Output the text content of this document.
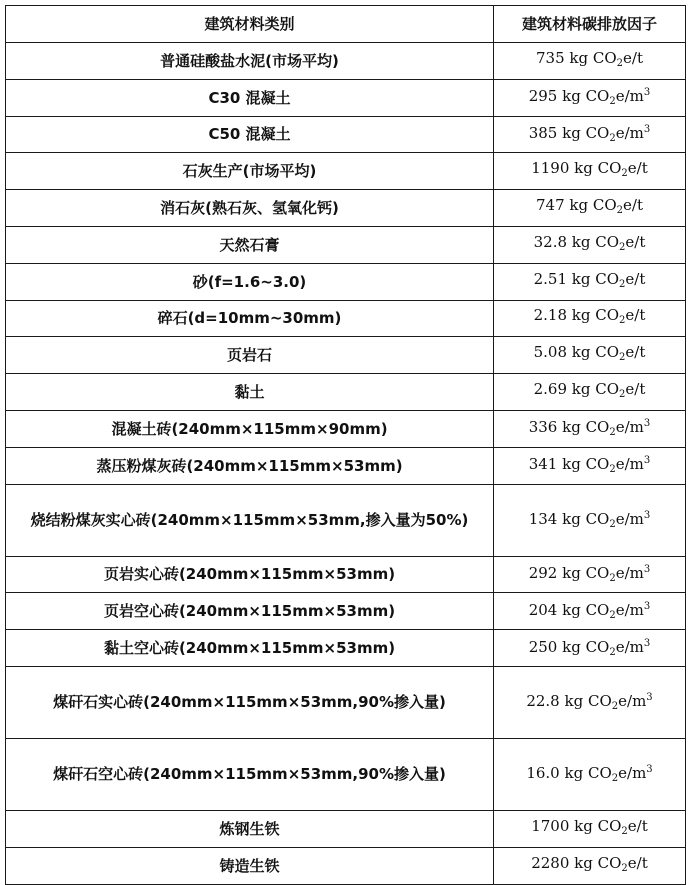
建筑材料类别	建筑材料碳排放因子
普通硅酸盐水泥(市场平均)	735 kg $CO_2e/t$
C30 混凝土	295 kg $CO_2e/m^3$
C50 混凝土	385 kg $CO_2e/m^3$
石灰生产(市场平均)	1190 kg $CO_2e/t$
消石灰(熟石灰、氢氧化钙)	747 kg $CO_2e/t$
天然石膏	32.8 kg $CO_2e/t$
砂(f=1.6~3.0)	2.51 kg $CO_2e/t$
碎石(d=10mm~30mm)	2.18 kg $CO_2e/t$
页岩石	5.08 kg $CO_2e/t$
黏土	2.69 kg $CO_2e/t$
混凝土砖(240mm×115mm×90mm)	336 kg $CO_2e/m^3$
蒸压粉煤灰砖(240mm×115mm×53mm)	341 kg $CO_2e/m^3$
烧结粉煤灰实心砖(240mm×115mm×53mm,掺入量为50%)	134 kg $CO_2e/m^3$
页岩实心砖(240mm×115mm×53mm)	292 kg $CO_2e/m^3$
页岩空心砖(240mm×115mm×53mm)	204 kg $CO_2e/m^3$
黏土空心砖(240mm×115mm×53mm)	250 kg $CO_2e/m^3$
煤矸石实心砖(240mm×115mm×53mm,90%掺入量)	22.8 kg $CO_2e/m^3$
煤矸石空心砖(240mm×115mm×53mm,90%掺入量)	16.0 kg $CO_2e/m^3$
炼钢生铁	1700 kg $CO_2e/t$
铸造生铁	2280 kg $CO_2e/t$
